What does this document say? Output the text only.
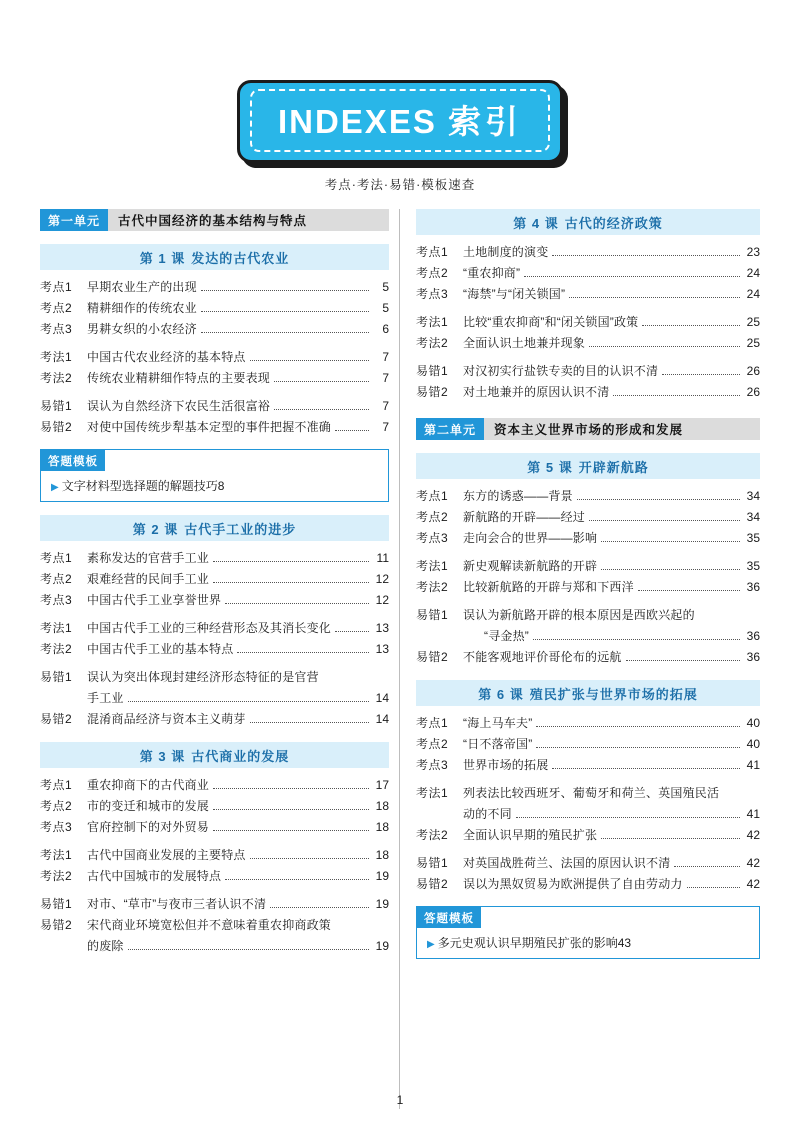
INDEXES 索引
考点·考法·易错·模板速查
第一单元	古代中国经济的基本结构与特点
第 1 课 发达的古代农业
考点1	早期农业生产的出现	5
考点2	精耕细作的传统农业	5
考点3	男耕女织的小农经济	6
考法1	中国古代农业经济的基本特点	7
考法2	传统农业精耕细作特点的主要表现	7
易错1	误认为自然经济下农民生活很富裕	7
易错2	对使中国传统步犁基本定型的事件把握不准确	7
答题模板
▶ 文字材料型选择题的解题技巧 8
第 2 课 古代手工业的进步
考点1	素称发达的官营手工业	11
考点2	艰难经营的民间手工业	12
考点3	中国古代手工业享誉世界	12
考法1	中国古代手工业的三种经营形态及其消长变化	13
考法2	中国古代手工业的基本特点	13
易错1	误认为突出体现封建经济形态特征的是官营
手工业	14
易错2	混淆商品经济与资本主义萌芽	14
第 3 课 古代商业的发展
考点1	重农抑商下的古代商业	17
考点2	市的变迁和城市的发展	18
考点3	官府控制下的对外贸易	18
考法1	古代中国商业发展的主要特点	18
考法2	古代中国城市的发展特点	19
易错1	对市、“草市”与夜市三者认识不清	19
易错2	宋代商业环境宽松但并不意味着重农抑商政策
的废除	19
第 4 课 古代的经济政策
考点1	土地制度的演变	23
考点2	“重农抑商”	24
考点3	“海禁”与“闭关锁国”	24
考法1	比较“重农抑商”和“闭关锁国”政策	25
考法2	全面认识土地兼并现象	25
易错1	对汉初实行盐铁专卖的目的认识不清	26
易错2	对土地兼并的原因认识不清	26
第二单元	资本主义世界市场的形成和发展
第 5 课 开辟新航路
考点1	东方的诱惑——背景	34
考点2	新航路的开辟——经过	34
考点3	走向会合的世界——影响	35
考法1	新史观解读新航路的开辟	35
考法2	比较新航路的开辟与郑和下西洋	36
易错1	误认为新航路开辟的根本原因是西欧兴起的
“寻金热”	36
易错2	不能客观地评价哥伦布的远航	36
第 6 课 殖民扩张与世界市场的拓展
考点1	“海上马车夫”	40
考点2	“日不落帝国”	40
考点3	世界市场的拓展	41
考法1	列表法比较西班牙、葡萄牙和荷兰、英国殖民活
动的不同	41
考法2	全面认识早期的殖民扩张	42
易错1	对英国战胜荷兰、法国的原因认识不清	42
易错2	误以为黑奴贸易为欧洲提供了自由劳动力	42
答题模板
▶ 多元史观认识早期殖民扩张的影响 43
1
